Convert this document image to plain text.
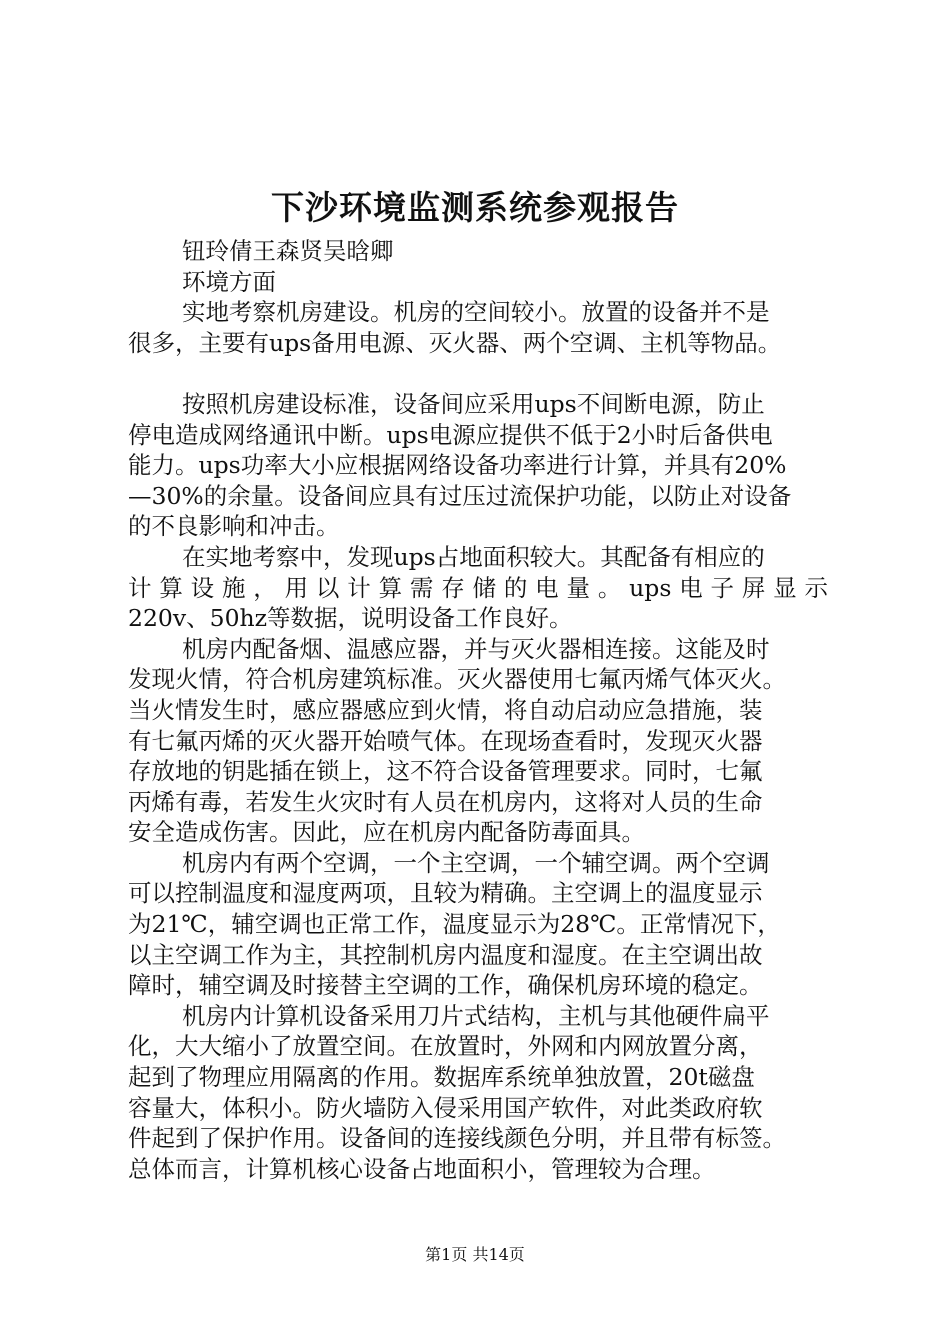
下沙环境监测系统参观报告
钮玲倩王森贤吴晗卿
环境方面
实地考察机房建设。机房的空间较小。放置的设备并不是
很多，主要有ups备用电源、灭火器、两个空调、主机等物品。
按照机房建设标准，设备间应采用ups不间断电源，防止
停电造成网络通讯中断。ups电源应提供不低于2小时后备供电
能力。ups功率大小应根据网络设备功率进行计算，并具有20%
—30%的余量。设备间应具有过压过流保护功能，以防止对设备
的不良影响和冲击。
在实地考察中，发现ups占地面积较大。其配备有相应的
计算设施，用以计算需存储的电量。ups电子屏显示
220v、50hz等数据，说明设备工作良好。
机房内配备烟、温感应器，并与灭火器相连接。这能及时
发现火情，符合机房建筑标准。灭火器使用七氟丙烯气体灭火。
当火情发生时，感应器感应到火情，将自动启动应急措施，装
有七氟丙烯的灭火器开始喷气体。在现场查看时，发现灭火器
存放地的钥匙插在锁上，这不符合设备管理要求。同时，七氟
丙烯有毒，若发生火灾时有人员在机房内，这将对人员的生命
安全造成伤害。因此，应在机房内配备防毒面具。
机房内有两个空调，一个主空调，一个辅空调。两个空调
可以控制温度和湿度两项，且较为精确。主空调上的温度显示
为21℃，辅空调也正常工作，温度显示为28℃。正常情况下，
以主空调工作为主，其控制机房内温度和湿度。在主空调出故
障时，辅空调及时接替主空调的工作，确保机房环境的稳定。
机房内计算机设备采用刀片式结构，主机与其他硬件扁平
化，大大缩小了放置空间。在放置时，外网和内网放置分离，
起到了物理应用隔离的作用。数据库系统单独放置，20t磁盘
容量大，体积小。防火墙防入侵采用国产软件，对此类政府软
件起到了保护作用。设备间的连接线颜色分明，并且带有标签。
总体而言，计算机核心设备占地面积小，管理较为合理。
第1页 共14页
